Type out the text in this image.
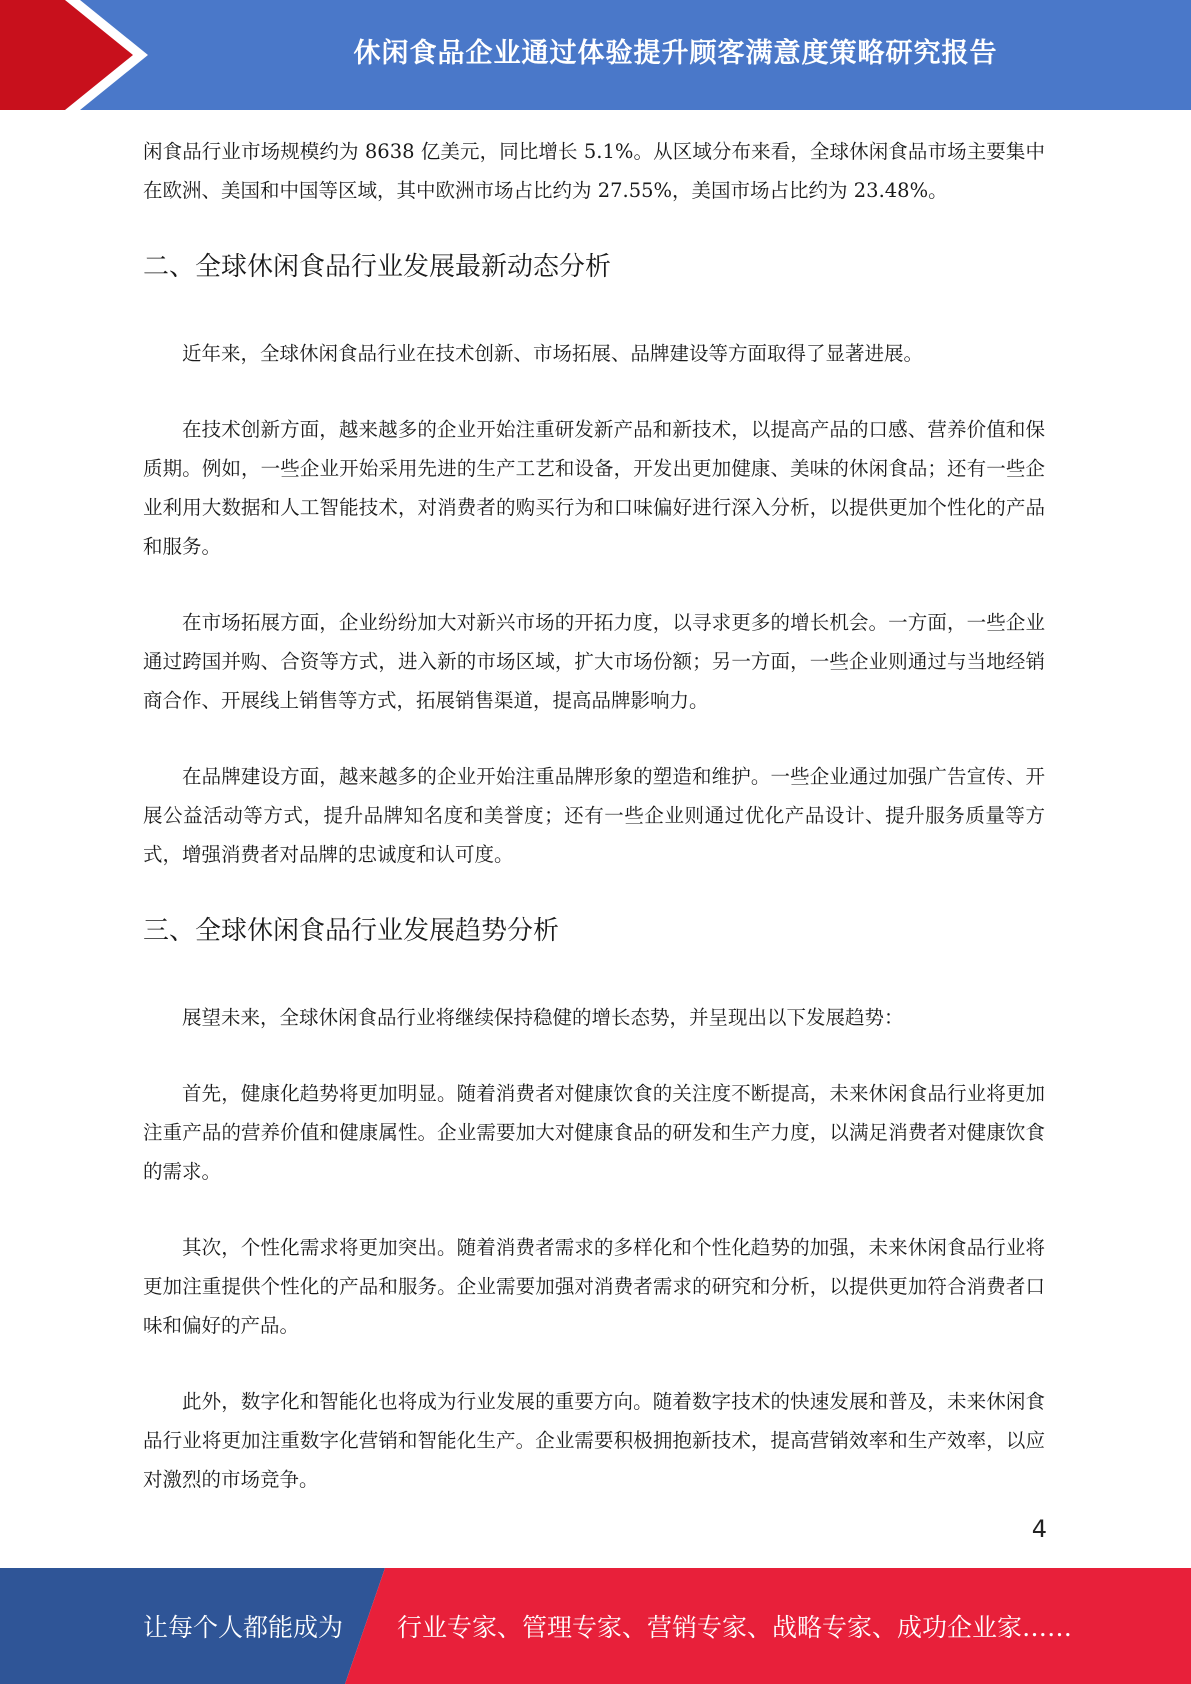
休闲食品企业通过体验提升顾客满意度策略研究报告

闲食品行业市场规模约为 8638 亿美元，同比增长 5.1%。从区域分布来看，全球休闲食品市场主要集中在欧洲、美国和中国等区域，其中欧洲市场占比约为 27.55%，美国市场占比约为 23.48%。

二、全球休闲食品行业发展最新动态分析

近年来，全球休闲食品行业在技术创新、市场拓展、品牌建设等方面取得了显著进展。

在技术创新方面，越来越多的企业开始注重研发新产品和新技术，以提高产品的口感、营养价值和保质期。例如，一些企业开始采用先进的生产工艺和设备，开发出更加健康、美味的休闲食品；还有一些企业利用大数据和人工智能技术，对消费者的购买行为和口味偏好进行深入分析，以提供更加个性化的产品和服务。

在市场拓展方面，企业纷纷加大对新兴市场的开拓力度，以寻求更多的增长机会。一方面，一些企业通过跨国并购、合资等方式，进入新的市场区域，扩大市场份额；另一方面，一些企业则通过与当地经销商合作、开展线上销售等方式，拓展销售渠道，提高品牌影响力。

在品牌建设方面，越来越多的企业开始注重品牌形象的塑造和维护。一些企业通过加强广告宣传、开展公益活动等方式，提升品牌知名度和美誉度；还有一些企业则通过优化产品设计、提升服务质量等方式，增强消费者对品牌的忠诚度和认可度。

三、全球休闲食品行业发展趋势分析

展望未来，全球休闲食品行业将继续保持稳健的增长态势，并呈现出以下发展趋势：

首先，健康化趋势将更加明显。随着消费者对健康饮食的关注度不断提高，未来休闲食品行业将更加注重产品的营养价值和健康属性。企业需要加大对健康食品的研发和生产力度，以满足消费者对健康饮食的需求。

其次，个性化需求将更加突出。随着消费者需求的多样化和个性化趋势的加强，未来休闲食品行业将更加注重提供个性化的产品和服务。企业需要加强对消费者需求的研究和分析，以提供更加符合消费者口味和偏好的产品。

此外，数字化和智能化也将成为行业发展的重要方向。随着数字技术的快速发展和普及，未来休闲食品行业将更加注重数字化营销和智能化生产。企业需要积极拥抱新技术，提高营销效率和生产效率，以应对激烈的市场竞争。

4
让每个人都能成为 行业专家、管理专家、营销专家、战略专家、成功企业家……
